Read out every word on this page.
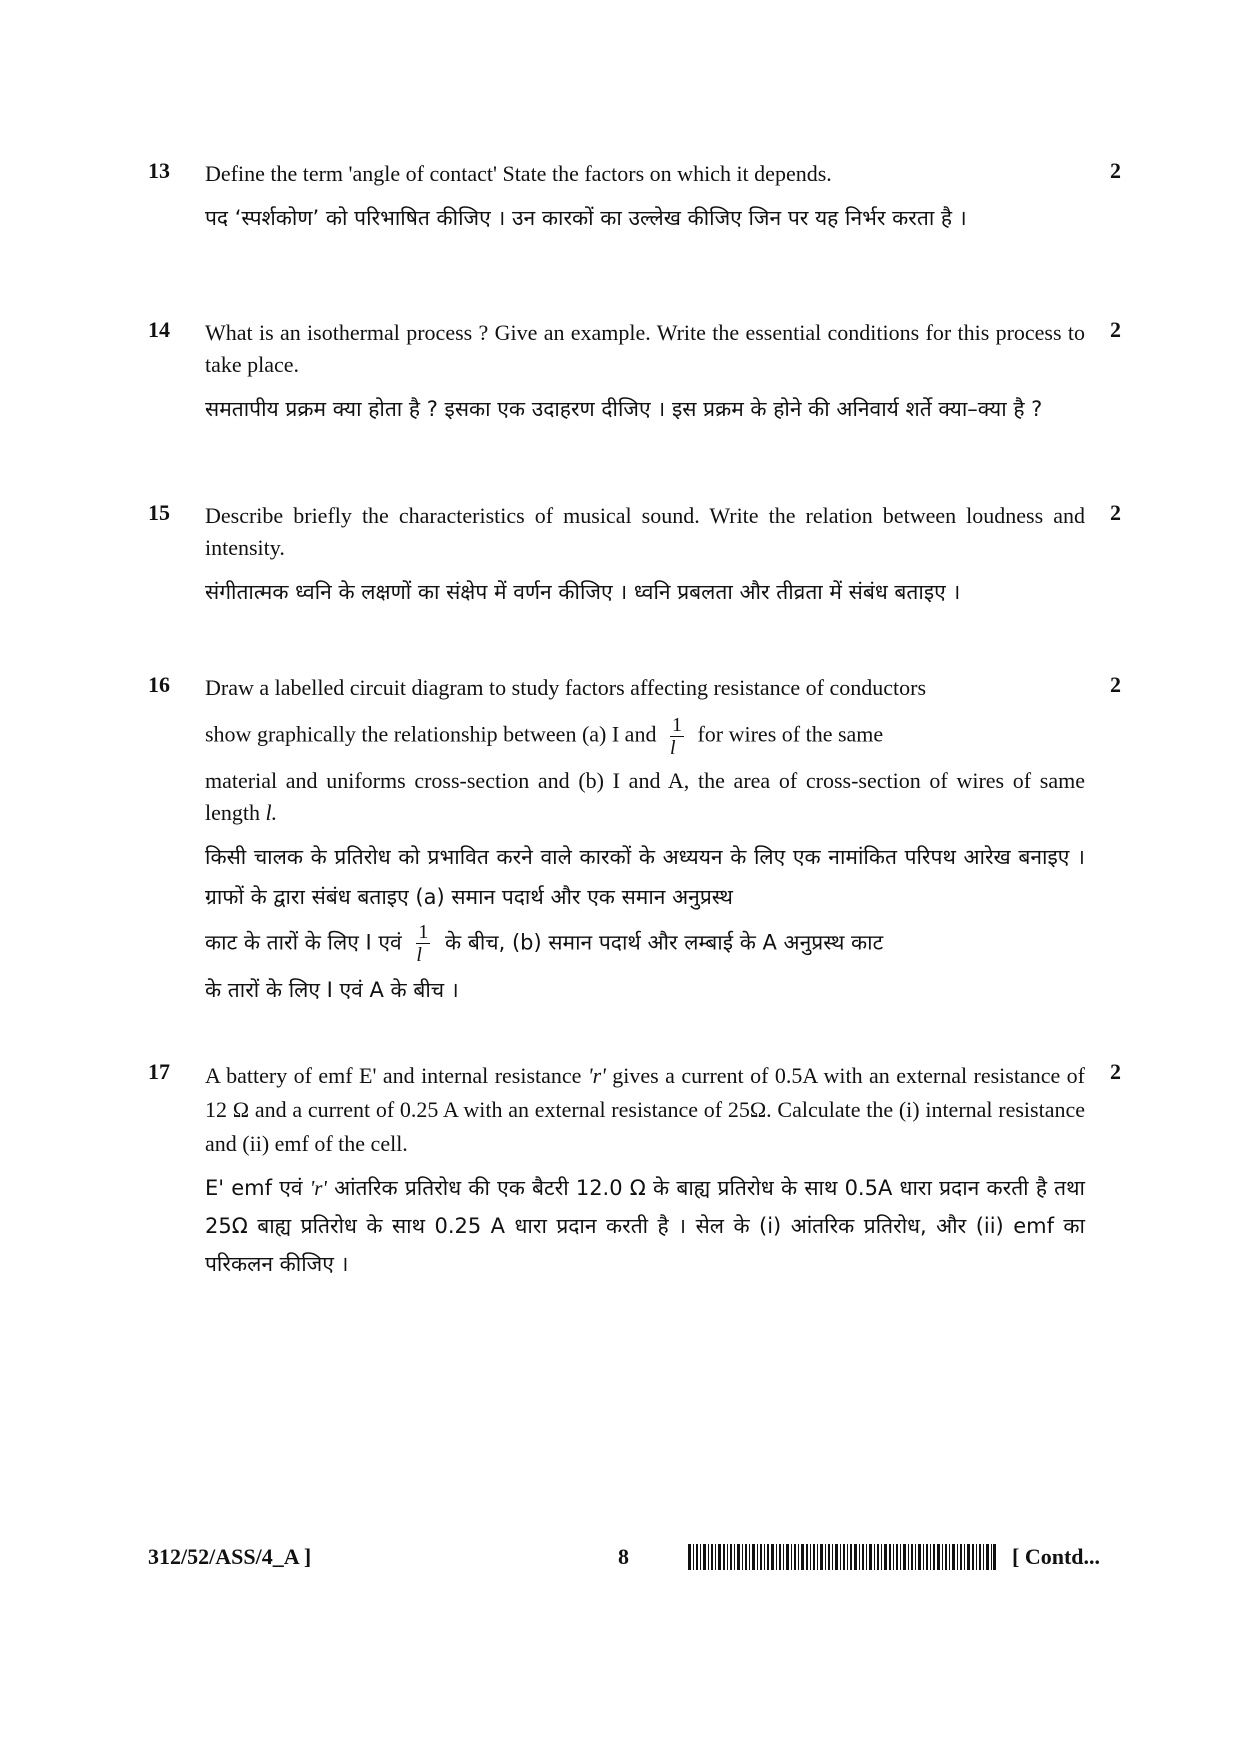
13	2

Define the term 'angle of contact' State the factors on which it depends.

पद ‘स्पर्शकोण’ को परिभाषित कीजिए । उन कारकों का उल्लेख कीजिए जिन पर यह निर्भर करता है ।

14	2

What is an isothermal process ? Give an example. Write the essential conditions for this process to take place.

समतापीय प्रक्रम क्या होता है ? इसका एक उदाहरण दीजिए । इस प्रक्रम के होने की अनिवार्य शर्ते क्या–क्या है ?

15	2

Describe briefly the characteristics of musical sound. Write the relation between loudness and intensity.

संगीतात्मक ध्वनि के लक्षणों का संक्षेप में वर्णन कीजिए । ध्वनि प्रबलता और तीव्रता में संबंध बताइए ।

16	2

Draw a labelled circuit diagram to study factors affecting resistance of conductors

show graphically the relationship between (a) I and $\frac{1}{l}$ for wires of the same

material and uniforms cross-section and (b) I and A, the area of cross-section of wires of same length l.

किसी चालक के प्रतिरोध को प्रभावित करने वाले कारकों के अध्ययन के लिए एक नामांकित परिपथ आरेख बनाइए । ग्राफों के द्वारा संबंध बताइए (a) समान पदार्थ और एक समान अनुप्रस्थ

काट के तारों के लिए I एवं $\frac{1}{l}$ के बीच, (b) समान पदार्थ और लम्बाई के A अनुप्रस्थ काट

के तारों के लिए I एवं A के बीच ।

17	2

A battery of emf E' and internal resistance 'r' gives a current of 0.5A with an external resistance of 12 Ω and a current of 0.25 A with an external resistance of 25Ω. Calculate the (i) internal resistance and (ii) emf of the cell.

E' emf एवं 'r' आंतरिक प्रतिरोध की एक बैटरी 12.0 Ω के बाह्य प्रतिरोध के साथ 0.5A धारा प्रदान करती है तथा 25Ω बाह्य प्रतिरोध के साथ 0.25 A धारा प्रदान करती है । सेल के (i) आंतरिक प्रतिरोध, और (ii) emf का परिकलन कीजिए ।

312/52/ASS/4_A ]	8	[ Contd...
